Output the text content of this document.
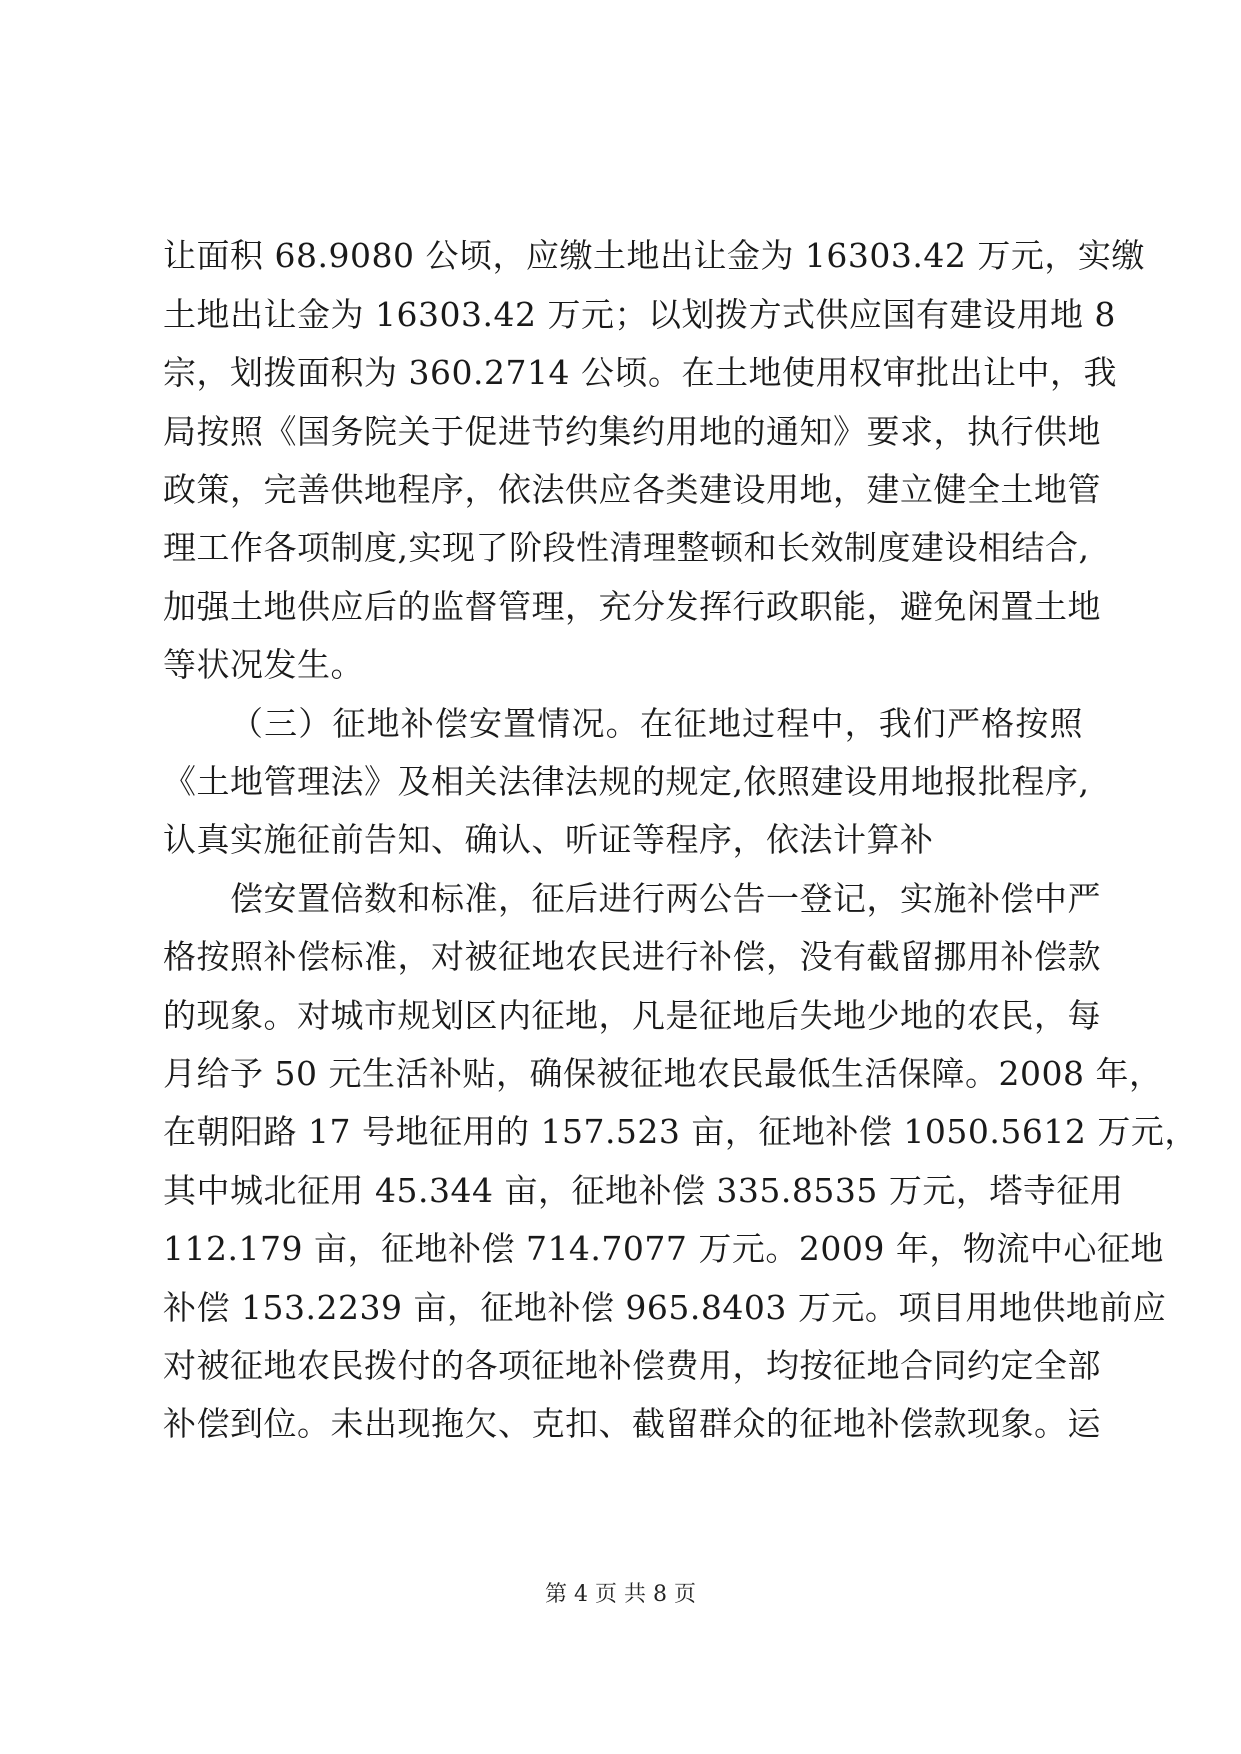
让面积 68.9080 公顷，应缴土地出让金为 16303.42 万元，实缴
土地出让金为 16303.42 万元；以划拨方式供应国有建设用地 8
宗，划拨面积为 360.2714 公顷。在土地使用权审批出让中，我
局按照《国务院关于促进节约集约用地的通知》要求，执行供地
政策，完善供地程序，依法供应各类建设用地，建立健全土地管
理工作各项制度,实现了阶段性清理整顿和长效制度建设相结合,
加强土地供应后的监督管理，充分发挥行政职能，避免闲置土地
等状况发生。
（三）征地补偿安置情况。在征地过程中，我们严格按照
《土地管理法》及相关法律法规的规定,依照建设用地报批程序,
认真实施征前告知、确认、听证等程序，依法计算补
偿安置倍数和标准，征后进行两公告一登记，实施补偿中严
格按照补偿标准，对被征地农民进行补偿，没有截留挪用补偿款
的现象。对城市规划区内征地，凡是征地后失地少地的农民，每
月给予 50 元生活补贴，确保被征地农民最低生活保障。2008 年，
在朝阳路 17 号地征用的 157.523 亩，征地补偿 1050.5612 万元，
其中城北征用 45.344 亩，征地补偿 335.8535 万元，塔寺征用
112.179 亩，征地补偿 714.7077 万元。2009 年，物流中心征地
补偿 153.2239 亩，征地补偿 965.8403 万元。项目用地供地前应
对被征地农民拨付的各项征地补偿费用，均按征地合同约定全部
补偿到位。未出现拖欠、克扣、截留群众的征地补偿款现象。运
第 4 页 共 8 页
